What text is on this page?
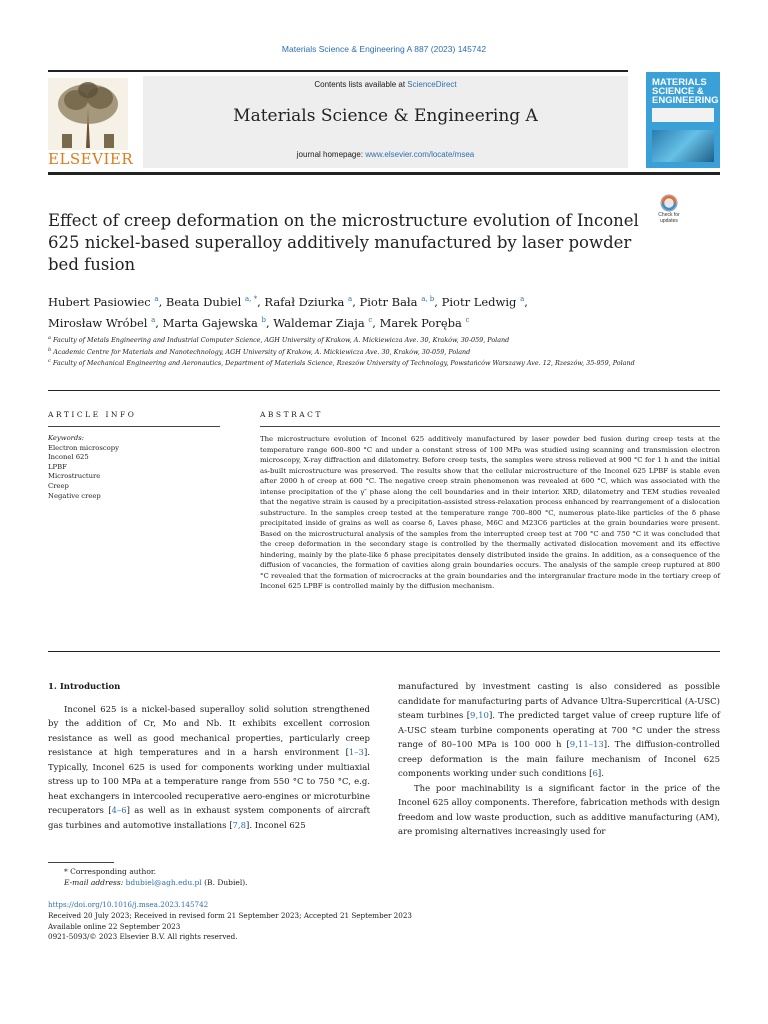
Materials Science & Engineering A 887 (2023) 145742
ELSEVIER
Contents lists available at ScienceDirect
Materials Science & Engineering A
journal homepage: www.elsevier.com/locate/msea
MATERIALS SCIENCE & ENGINEERING
Effect of creep deformation on the microstructure evolution of Inconel 625 nickel-based superalloy additively manufactured by laser powder bed fusion
Check for updates
Hubert Pasiowiec $^a$, Beata Dubiel $^{a, *}$, Rafał Dziurka $^a$, Piotr Bała $^{a, b}$, Piotr Ledwig $^a$,
Mirosław Wróbel $^a$, Marta Gajewska $^b$, Waldemar Ziaja $^c$, Marek Poręba $^c$
$^a$ Faculty of Metals Engineering and Industrial Computer Science, AGH University of Krakow, A. Mickiewicza Ave. 30, Kraków, 30-059, Poland
$^b$ Academic Centre for Materials and Nanotechnology, AGH University of Krakow, A. Mickiewicza Ave. 30, Kraków, 30-059, Poland
$^c$ Faculty of Mechanical Engineering and Aeronautics, Department of Materials Science, Rzeszów University of Technology, Powstańców Warszawy Ave. 12, Rzeszów, 35-959, Poland
ARTICLE INFO	ABSTRACT
Keywords:
Electron microscopy
Inconel 625
LPBF
Microstructure
Creep
Negative creep
The microstructure evolution of Inconel 625 additively manufactured by laser powder bed fusion during creep tests at the temperature range 600–800 °C and under a constant stress of 100 MPa was studied using scanning and transmission electron microscopy, X-ray diffraction and dilatometry. Before creep tests, the samples were stress relieved at 900 °C for 1 h and the initial as-built microstructure was preserved. The results show that the cellular microstructure of the Inconel 625 LPBF is stable even after 2000 h of creep at 600 °C. The negative creep strain phenomenon was revealed at 600 °C, which was associated with the intense precipitation of the γ″ phase along the cell boundaries and in their interior. XRD, dilatometry and TEM studies revealed that the negative strain is caused by a precipitation-assisted stress-relaxation process enhanced by rearrangement of a dislocation substructure. In the samples creep tested at the temperature range 700–800 °C, numerous plate-like particles of the δ phase precipitated inside of grains as well as coarse δ, Laves phase, M6C and M23C6 particles at the grain boundaries were present. Based on the microstructural analysis of the samples from the interrupted creep test at 700 °C and 750 °C it was concluded that the creep deformation in the secondary stage is controlled by the thermally activated dislocation movement and its effective hindering, mainly by the plate-like δ phase precipitates densely distributed inside the grains. In addition, as a consequence of the diffusion of vacancies, the formation of cavities along grain boundaries occurs. The analysis of the sample creep ruptured at 800 °C revealed that the formation of microcracks at the grain boundaries and the intergranular fracture mode in the tertiary creep of Inconel 625 LPBF is controlled mainly by the diffusion mechanism.
1. Introduction

Inconel 625 is a nickel-based superalloy solid solution strengthened by the addition of Cr, Mo and Nb. It exhibits excellent corrosion resistance as well as good mechanical properties, particularly creep resistance at high temperatures and in a harsh environment [1–3]. Typically, Inconel 625 is used for components working under multiaxial stress up to 100 MPa at a temperature range from 550 °C to 750 °C, e.g. heat exchangers in intercooled recuperative aero-engines or microturbine recuperators [4–6] as well as in exhaust system components of aircraft gas turbines and automotive installations [7,8]. Inconel 625

manufactured by investment casting is also considered as possible candidate for manufacturing parts of Advance Ultra-Supercritical (A-USC) steam turbines [9,10]. The predicted target value of creep rupture life of A-USC steam turbine components operating at 700 °C under the stress range of 80–100 MPa is 100 000 h [9,11–13]. The diffusion-controlled creep deformation is the main failure mechanism of Inconel 625 components working under such conditions [6].

The poor machinability is a significant factor in the price of the Inconel 625 alloy components. Therefore, fabrication methods with design freedom and low waste production, such as additive manufacturing (AM), are promising alternatives increasingly used for

* Corresponding author.
E-mail address: bdubiel@agh.edu.pl (B. Dubiel).
https://doi.org/10.1016/j.msea.2023.145742
Received 20 July 2023; Received in revised form 21 September 2023; Accepted 21 September 2023
Available online 22 September 2023
0921-5093/© 2023 Elsevier B.V. All rights reserved.
